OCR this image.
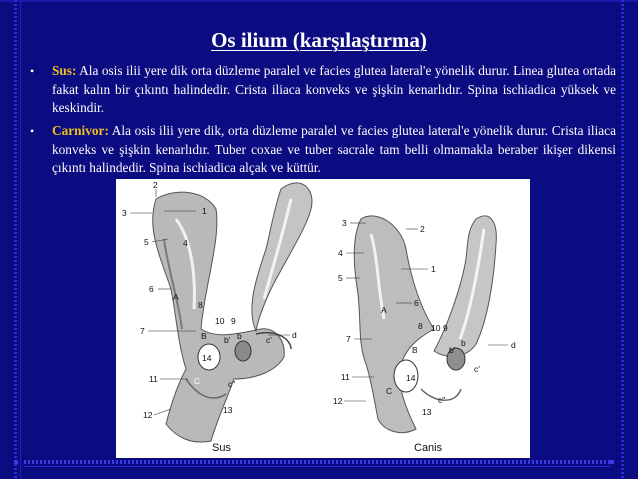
Os ilium (karşılaştırma)
• Sus: Ala osis ilii yere dik orta düzleme paralel ve facies glutea lateral'e yönelik durur. Linea glutea ortada fakat kalın bir çıkıntı halindedir. Crista iliaca konveks ve şişkin kenarlıdır. Spina ischiadica yüksek ve keskindir.
• Carnivor: Ala osis ilii yere dik, orta düzleme paralel ve facies glutea lateral'e yönelik durur. Crista iliaca konveks ve şişkin kenarlıdır. Tuber coxae ve tuber sacrale tam belli olmamakla beraber ikişer dikensi çıkıntı halindedir. Spina ischiadica alçak ve küttür.
1
2
3
4
5
6
A
7
8
B
10 9
c' d
b' b
14
11	c"
C
12	13
Sus
1
2
3
4
5
6
A
7
8
B
10 9
b'
b
c'
d
14
11
c"
C
12
13
Canis
